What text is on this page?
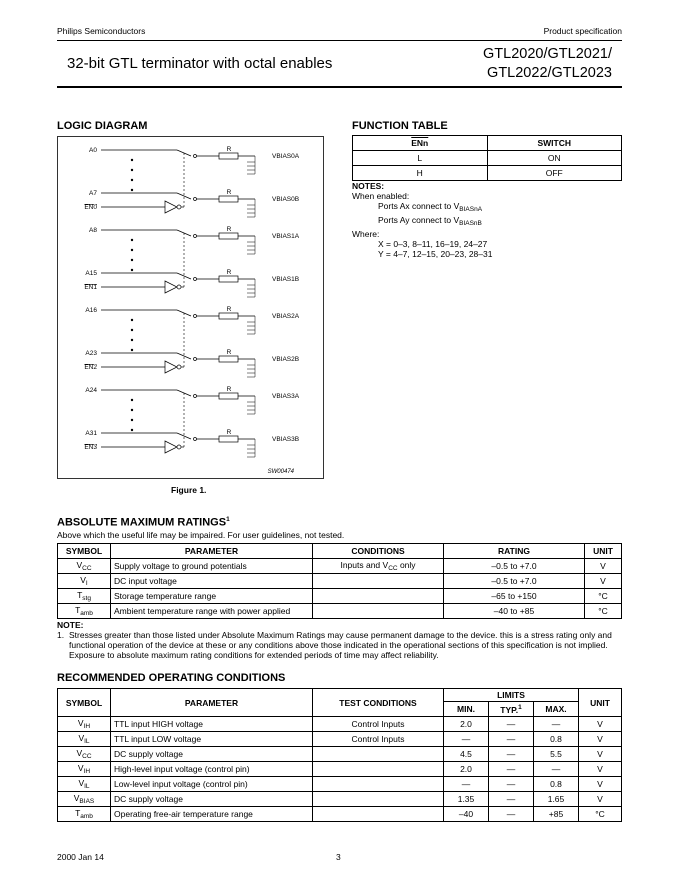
Philips Semiconductors	Product specification
32-bit GTL terminator with octal enables
GTL2020/GTL2021/
GTL2022/GTL2023
LOGIC DIAGRAM
R
VBIAS0A
A0
R
VBIAS0B
A7
EN0
R
VBIAS1A
A8
R
VBIAS1B
A15
EN1
R
VBIAS2A
A16
R
VBIAS2B
A23
EN2
R
VBIAS3A
A24
R
VBIAS3B
A31
EN3
SW00474
Figure 1.
FUNCTION TABLE
$\overline{ENn}$	SWITCH
L	ON
H	OFF
NOTES:
When enabled:
Ports Ax connect to $V_{BIASnA}$
Ports Ay connect to $V_{BIASnB}$
Where:
X = 0–3, 8–11, 16–19, 24–27
Y = 4–7, 12–15, 20–23, 28–31
ABSOLUTE MAXIMUM RATINGS$^1$
Above which the useful life may be impaired. For user guidelines, not tested.
SYMBOL	PARAMETER	CONDITIONS	RATING	UNIT
$V_{CC}$	Supply voltage to ground potentials	Inputs and $V_{CC}$ only	–0.5 to +7.0	V
$V_I$	DC input voltage		–0.5 to +7.0	V
$T_{stg}$	Storage temperature range		–65 to +150	°C
$T_{amb}$	Ambient temperature range with power applied		–40 to +85	°C
NOTE:
1. Stresses greater than those listed under Absolute Maximum Ratings may cause permanent damage to the device. this is a stress rating only and functional operation of the device at these or any conditions above those indicated in the operational sections of this specification is not implied. Exposure to absolute maximum rating conditions for extended periods of time may affect reliability.
RECOMMENDED OPERATING CONDITIONS
SYMBOL	PARAMETER	TEST CONDITIONS	LIMITS			UNIT
			MIN.	TYP.$^1$	MAX.	
$V_{IH}$	TTL input HIGH voltage	Control Inputs	2.0	—	—	V
$V_{IL}$	TTL input LOW voltage	Control Inputs	—	—	0.8	V
$V_{CC}$	DC supply voltage		4.5	—	5.5	V
$V_{IH}$	High-level input voltage (control pin)		2.0	—	—	V
$V_{IL}$	Low-level input voltage (control pin)		—	—	0.8	V
$V_{BIAS}$	DC supply voltage		1.35	—	1.65	V
$T_{amb}$	Operating free-air temperature range		–40	—	+85	°C
2000 Jan 14	3
